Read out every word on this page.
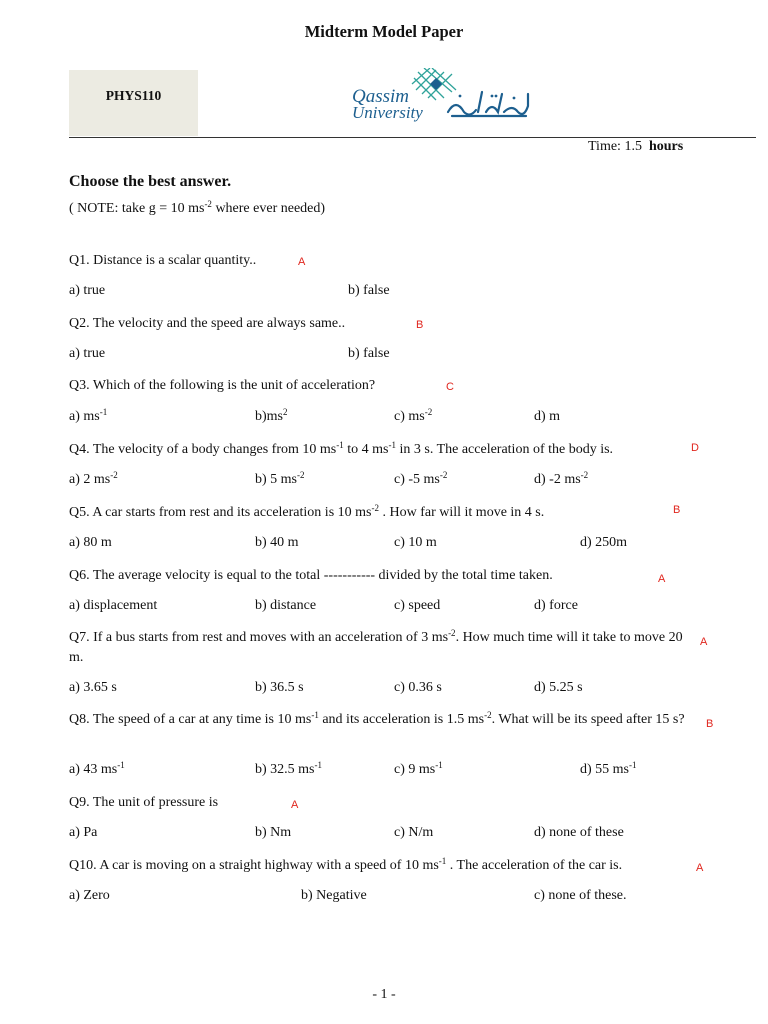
Midterm Model Paper
PHYS110	Qassim
University
Time: 1.5 hours
Choose the best answer.
( NOTE: take g = 10 $ms^{-2}$ where ever needed)
Q1. Distance is a scalar quantity..	A
a) true	b) false
Q2. The velocity and the speed are always same..	B
a) true	b) false
Q3. Which of the following is the unit of acceleration?	C
a) $ms^{-1}$	$b)ms^2$	c) $ms^{-2}$	d) m
Q4. The velocity of a body changes from 10 $ms^{-1}$ to 4 $ms^{-1}$ in 3 s. The acceleration of the body is.	D
a) 2 $ms^{-2}$	b) 5 $ms^{-2}$	c) -5 $ms^{-2}$	d) -2 $ms^{-2}$
Q5. A car starts from rest and its acceleration is 10 $ms^{-2}$ . How far will it move in 4 s.	B
a) 80 m	b) 40 m	c) 10 m	d) 250m
Q6. The average velocity is equal to the total ----------- divided by the total time taken.	A
a) displacement	b) distance	c) speed	d) force
Q7. If a bus starts from rest and moves with an acceleration of 3 $ms^{-2}$. How much time will it take to move 20 m.
A
a) 3.65 s	b) 36.5 s	c) 0.36 s	d) 5.25 s
Q8. The speed of a car at any time is 10 $ms^{-1}$ and its acceleration is 1.5 $ms^{-2}$. What will be its speed after 15 s?	B
a) 43 $ms^{-1}$	b) 32.5 $ms^{-1}$	c) 9 $ms^{-1}$	d) 55 $ms^{-1}$
Q9. The unit of pressure is	A
a) Pa	b) Nm	c) N/m	d) none of these
Q10. A car is moving on a straight highway with a speed of 10 $ms^{-1}$ . The acceleration of the car is.	A
a) Zero	b) Negative	c) none of these.
- 1 -
